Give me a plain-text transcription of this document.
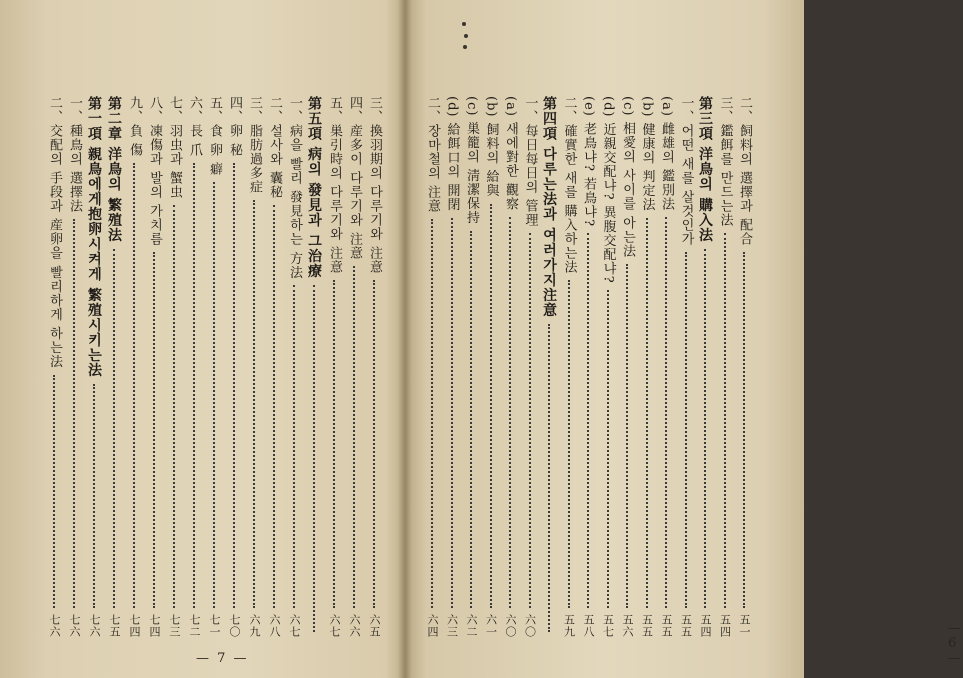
三、換羽期의 다루기와 注意
六五
四、産多이 다루기와 注意
六六
五、巣引時의 다루기와 注意
六七
第五項 病의 發見과 그治療
一、病을 빨리 發見하는 方法
六七
二、설사와 囊秘
六八
三、脂肪過多症
六九
四、卵 秘
七〇
五、食 卵 癖
七一
六、長 爪
七二
七、羽虫과 蟹虫
七三
八、凍傷과 발의 가치름
七四
九、負 傷
七四
第二章 洋鳥의 繁殖法
七五
第一項 親鳥에게抱卵시켜게 繁殖시키는法
七六
一、種鳥의 選擇法
七六
二、交配의 手段과 産卵을 빨리하게 하는法
七六
— 7 —
二、飼料의 選擇과 配合
五一
三、鑑餌를 만드는法
五四
第三項 洋鳥의 購入法
五四
一、어떤 새를 살것인가
五五
(a) 雌雄의 鑑別法
五五
(b) 健康의 判定法
五五
(c) 相愛의 사이를 아는法
五六
(d) 近親交配냐? 異腹交配냐?
五七
(e) 老鳥냐? 若鳥냐?
五八
二、確實한 새를 購入하는法
五九
第四項 다루는法과 여러가지注意
一、每日每日의 管理
六〇
(a) 새에對한 觀察
六〇
(b) 飼料의 給與
六一
(c) 巣籠의 淸潔保持
六二
(d) 給餌口의 開閉
六三
二、장마철의 注意
六四	— 6 —
